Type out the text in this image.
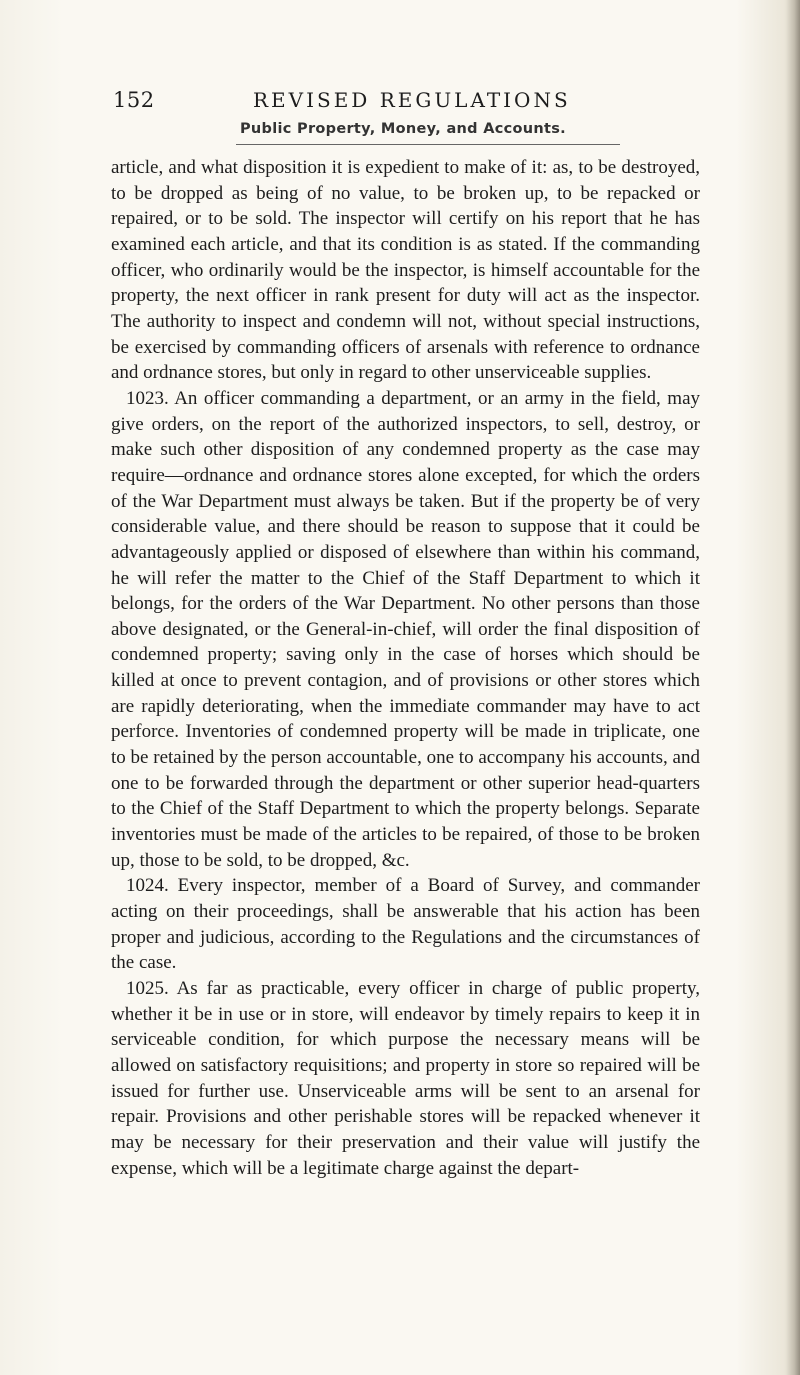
152	REVISED REGULATIONS
Public Property, Money, and Accounts.

article, and what disposition it is expedient to make of it: as, to be destroyed, to be dropped as being of no value, to be broken up, to be repacked or repaired, or to be sold. The inspector will certify on his report that he has examined each article, and that its condition is as stated. If the commanding officer, who ordinarily would be the inspector, is himself accountable for the property, the next officer in rank present for duty will act as the inspector. The authority to inspect and condemn will not, without special instructions, be exercised by commanding officers of arsenals with reference to ordnance and ordnance stores, but only in regard to other unserviceable supplies.

1023. An officer commanding a department, or an army in the field, may give orders, on the report of the authorized inspectors, to sell, destroy, or make such other disposition of any condemned property as the case may require—ordnance and ordnance stores alone excepted, for which the orders of the War Department must always be taken. But if the property be of very considerable value, and there should be reason to suppose that it could be advantageously applied or disposed of elsewhere than within his command, he will refer the matter to the Chief of the Staff Department to which it belongs, for the orders of the War Department. No other persons than those above designated, or the General-in-chief, will order the final disposition of condemned property; saving only in the case of horses which should be killed at once to prevent contagion, and of provisions or other stores which are rapidly deteriorating, when the immediate commander may have to act perforce. Inventories of condemned property will be made in triplicate, one to be retained by the person accountable, one to accompany his accounts, and one to be forwarded through the department or other superior head-quarters to the Chief of the Staff Department to which the property belongs. Separate inventories must be made of the articles to be repaired, of those to be broken up, those to be sold, to be dropped, &c.

1024. Every inspector, member of a Board of Survey, and commander acting on their proceedings, shall be answerable that his action has been proper and judicious, according to the Regulations and the circumstances of the case.

1025. As far as practicable, every officer in charge of public property, whether it be in use or in store, will endeavor by timely repairs to keep it in serviceable condition, for which purpose the necessary means will be allowed on satisfactory requisitions; and property in store so repaired will be issued for further use. Unserviceable arms will be sent to an arsenal for repair. Provisions and other perishable stores will be repacked whenever it may be necessary for their preservation and their value will justify the expense, which will be a legitimate charge against the depart-
